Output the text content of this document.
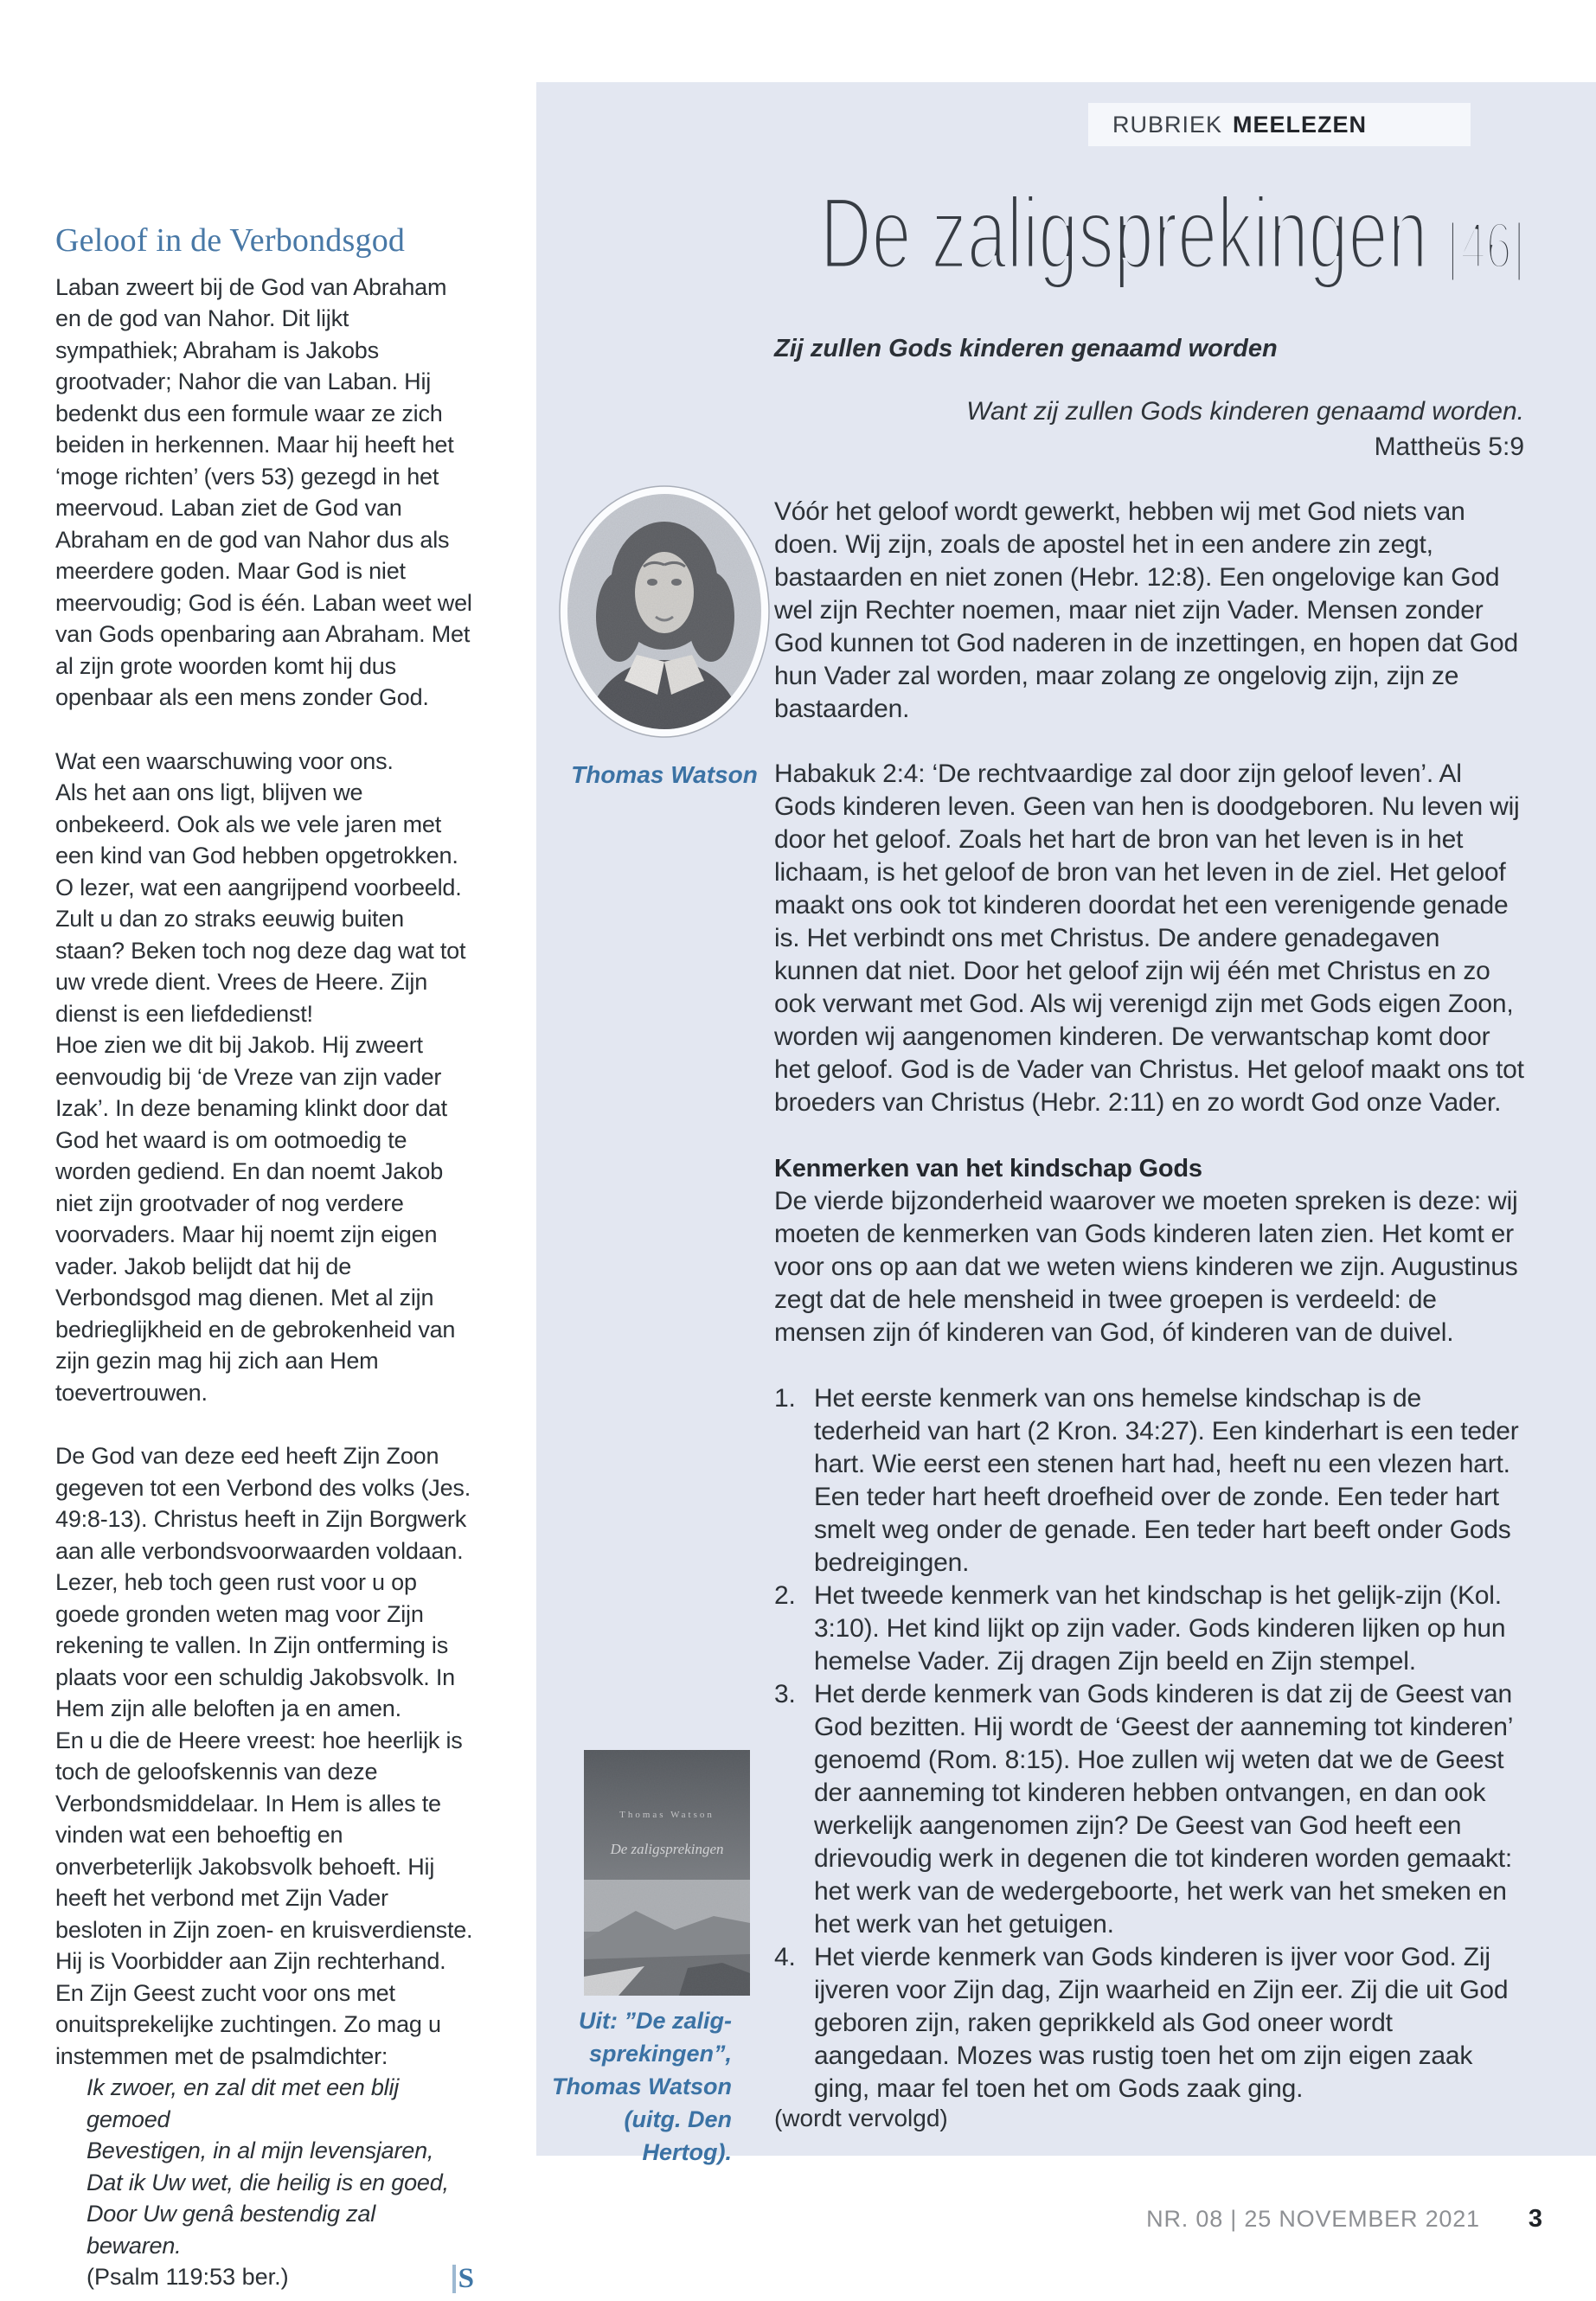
Geloof in de Verbondsgod

Laban zweert bij de God van Abraham en de god van Nahor. Dit lijkt sympathiek; Abraham is Jakobs grootvader; Nahor die van Laban. Hij bedenkt dus een formule waar ze zich beiden in herkennen. Maar hij heeft het ‘moge richten’ (vers 53) gezegd in het meervoud. Laban ziet de God van Abraham en de god van Nahor dus als meerdere goden. Maar God is niet meervoudig; God is één. Laban weet wel van Gods openbaring aan Abraham. Met al zijn grote woorden komt hij dus openbaar als een mens zonder God.

Wat een waarschuwing voor ons.

Als het aan ons ligt, blijven we onbekeerd. Ook als we vele jaren met een kind van God hebben opgetrokken. O lezer, wat een aangrijpend voorbeeld. Zult u dan zo straks eeuwig buiten staan? Beken toch nog deze dag wat tot uw vrede dient. Vrees de Heere. Zijn dienst is een liefdedienst!

Hoe zien we dit bij Jakob. Hij zweert eenvoudig bij ‘de Vreze van zijn vader Izak’. In deze benaming klinkt door dat God het waard is om ootmoedig te worden gediend. En dan noemt Jakob niet zijn grootvader of nog verdere voorvaders. Maar hij noemt zijn eigen vader. Jakob belijdt dat hij de Verbondsgod mag dienen. Met al zijn bedrieglijkheid en de gebrokenheid van zijn gezin mag hij zich aan Hem toevertrouwen.

De God van deze eed heeft Zijn Zoon gegeven tot een Verbond des volks (Jes. 49:8-13). Christus heeft in Zijn Borgwerk aan alle verbondsvoorwaarden voldaan. Lezer, heb toch geen rust voor u op goede gronden weten mag voor Zijn rekening te vallen. In Zijn ontferming is plaats voor een schuldig Jakobsvolk. In Hem zijn alle beloften ja en amen.

En u die de Heere vreest: hoe heerlijk is toch de geloofskennis van deze Verbondsmiddelaar. In Hem is alles te vinden wat een behoeftig en onverbeterlijk Jakobsvolk behoeft. Hij heeft het verbond met Zijn Vader besloten in Zijn zoen- en kruisverdienste. Hij is Voorbidder aan Zijn rechterhand. En Zijn Geest zucht voor ons met onuitsprekelijke zuchtingen. Zo mag u instemmen met de psalmdichter:

Ik zwoer, en zal dit met een blij gemoed

Bevestigen, in al mijn levensjaren,

Dat ik Uw wet, die heilig is en goed,

Door Uw genâ bestendig zal bewaren.

(Psalm 119:53 ber.)	S
RUBRIEK MEELEZEN
De zaligsprekingen [46]
Zij zullen Gods kinderen genaamd worden

Want zij zullen Gods kinderen genaamd worden.

Mattheüs 5:9

Thomas Watson

Vóór het geloof wordt gewerkt, hebben wij met God niets van doen. Wij zijn, zoals de apostel het in een andere zin zegt, bastaarden en niet zonen (Hebr. 12:8). Een ongelovige kan God wel zijn Rechter noemen, maar niet zijn Vader. Mensen zonder God kunnen tot God naderen in de inzettingen, en hopen dat God hun Vader zal worden, maar zolang ze ongelovig zijn, zijn ze bastaarden.

Habakuk 2:4: ‘De rechtvaardige zal door zijn geloof leven’. Al Gods kinderen leven. Geen van hen is doodgeboren. Nu leven wij door het geloof. Zoals het hart de bron van het leven is in het lichaam, is het geloof de bron van het leven in de ziel. Het geloof maakt ons ook tot kinderen doordat het een verenigende genade is. Het verbindt ons met Christus. De andere genadegaven kunnen dat niet. Door het geloof zijn wij één met Christus en zo ook verwant met God. Als wij verenigd zijn met Gods eigen Zoon, worden wij aangenomen kinderen. De verwantschap komt door het geloof. God is de Vader van Christus. Het geloof maakt ons tot broeders van Christus (Hebr. 2:11) en zo wordt God onze Vader.

Kenmerken van het kindschap Gods

De vierde bijzonderheid waarover we moeten spreken is deze: wij moeten de kenmerken van Gods kinderen laten zien. Het komt er voor ons op aan dat we weten wiens kinderen we zijn. Augustinus zegt dat de hele mensheid in twee groepen is verdeeld: de mensen zijn óf kinderen van God, óf kinderen van de duivel.

1. Het eerste kenmerk van ons hemelse kindschap is de tederheid van hart (2 Kron. 34:27). Een kinderhart is een teder hart. Wie eerst een stenen hart had, heeft nu een vlezen hart. Een teder hart heeft droefheid over de zonde. Een teder hart smelt weg onder de genade. Een teder hart beeft onder Gods bedreigingen.
2. Het tweede kenmerk van het kindschap is het gelijk-zijn (Kol. 3:10). Het kind lijkt op zijn vader. Gods kinderen lijken op hun hemelse Vader. Zij dragen Zijn beeld en Zijn stempel.
3. Het derde kenmerk van Gods kinderen is dat zij de Geest van God bezitten. Hij wordt de ‘Geest der aanneming tot kinderen’ genoemd (Rom. 8:15). Hoe zullen wij weten dat we de Geest der aanneming tot kinderen hebben ontvangen, en dan ook werkelijk aangenomen zijn? De Geest van God heeft een drievoudig werk in degenen die tot kinderen worden gemaakt: het werk van de wedergeboorte, het werk van het smeken en het werk van het getuigen.
4. Het vierde kenmerk van Gods kinderen is ijver voor God. Zij ijveren voor Zijn dag, Zijn waarheid en Zijn eer. Zij die uit God geboren zijn, raken geprikkeld als God oneer wordt aangedaan. Mozes was rustig toen het om zijn eigen zaak ging, maar fel toen het om Gods zaak ging.
Thomas Watson
De zaligsprekingen

Uit: ”De zalig-

sprekingen”,

Thomas Watson

(uitg. Den Hertog).

(wordt vervolgd)

NR. 08 | 25 NOVEMBER 2021 3
